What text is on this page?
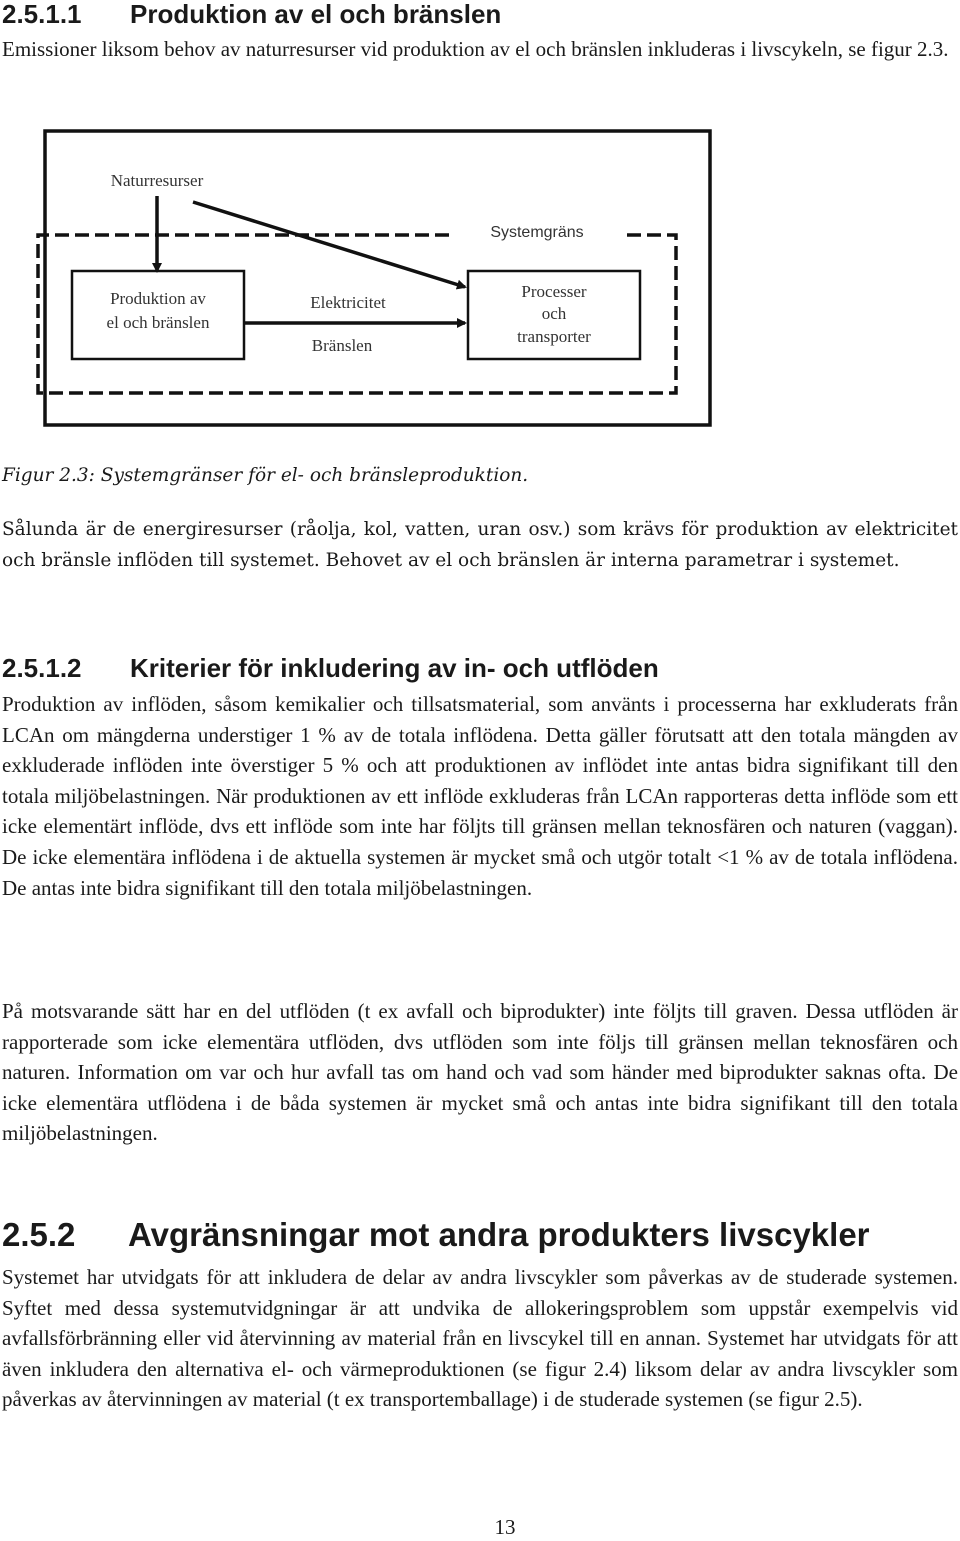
2.5.1.1 Produktion av el och bränslen

Emissioner liksom behov av naturresurser vid produktion av el och bränslen inkluderas i livscykeln, se figur 2.3.

Naturresurser
Systemgräns
Produktion av
el och bränslen
Processer
och
transporter
Elektricitet
Bränslen

Figur 2.3: Systemgränser för el- och bränsleproduktion.

Sålunda är de energiresurser (råolja, kol, vatten, uran osv.) som krävs för produktion av elektricitet och bränsle inflöden till systemet. Behovet av el och bränslen är interna parametrar i systemet.

2.5.1.2 Kriterier för inkludering av in- och utflöden

Produktion av inflöden, såsom kemikalier och tillsatsmaterial, som använts i processerna har exkluderats från LCAn om mängderna understiger 1 % av de totala inflödena. Detta gäller förutsatt att den totala mängden av exkluderade inflöden inte överstiger 5 % och att produktionen av inflödet inte antas bidra signifikant till den totala miljöbelastningen. När produktionen av ett inflöde exkluderas från LCAn rapporteras detta inflöde som ett icke elementärt inflöde, dvs ett inflöde som inte har följts till gränsen mellan teknosfären och naturen (vaggan). De icke elementära inflödena i de aktuella systemen är mycket små och utgör totalt <1 % av de totala inflödena. De antas inte bidra signifikant till den totala miljöbelastningen.

På motsvarande sätt har en del utflöden (t ex avfall och biprodukter) inte följts till graven. Dessa utflöden är rapporterade som icke elementära utflöden, dvs utflöden som inte följs till gränsen mellan teknosfären och naturen. Information om var och hur avfall tas om hand och vad som händer med biprodukter saknas ofta. De icke elementära utflödena i de båda systemen är mycket små och antas inte bidra signifikant till den totala miljöbelastningen.

2.5.2 Avgränsningar mot andra produkters livscykler

Systemet har utvidgats för att inkludera de delar av andra livscykler som påverkas av de studerade systemen. Syftet med dessa systemutvidgningar är att undvika de allokeringsproblem som uppstår exempelvis vid avfallsförbränning eller vid återvinning av material från en livscykel till en annan. Systemet har utvidgats för att även inkludera den alternativa el- och värmeproduktionen (se figur 2.4) liksom delar av andra livscykler som påverkas av återvinningen av material (t ex transportemballage) i de studerade systemen (se figur 2.5).

13
